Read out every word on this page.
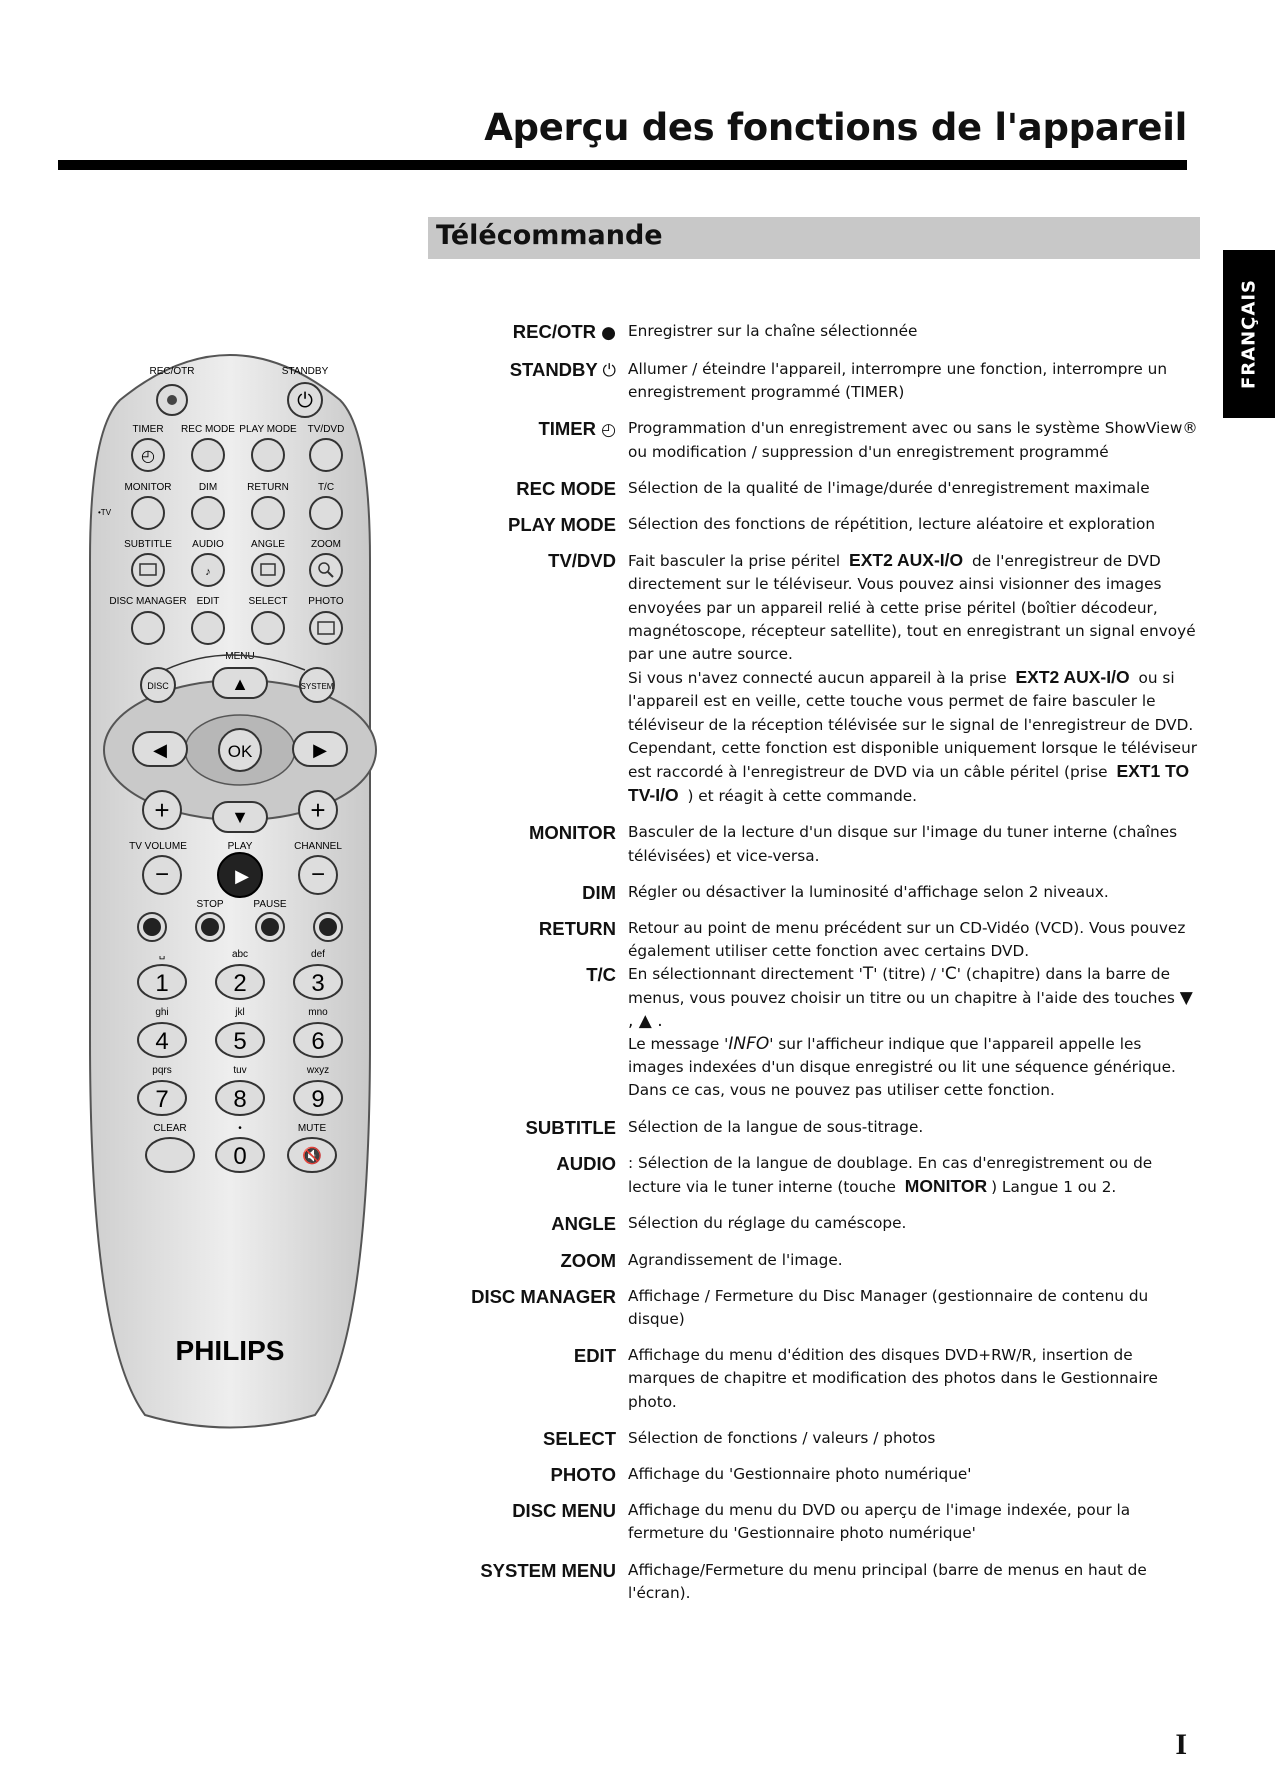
Aperçu des fonctions de l'appareil
Télécommande
FRANÇAIS
REC/OTR	STANDBY
⏻
TIMER REC MODE PLAY MODE TV/DVD
◴
•TV
MONITOR	DIM	RETURN	T/C
SUBTITLE AUDIO	ANGLE	ZOOM
♪
DISC MANAGER EDIT	SELECT PHOTO
MENU
DISC	SYSTEM
▲
◀	▶
OK
+	▼ +
TV VOLUME	PLAY	CHANNEL
−	▶	−
STOP	PAUSE
␣	abc	def
ghi	jkl	mno
pqrs	tuv	wxyz
1	2	3
4	5	6
7	8	9
CLEAR	•	MUTE
0	🔇
PHILIPS
REC/OTR ● Enregistrer sur la chaîne sélectionnée
STANDBY ⏻ Allumer / éteindre l'appareil, interrompre une fonction, interrompre un enregistrement programmé (TIMER)
TIMER ◴ Programmation d'un enregistrement avec ou sans le système ShowView® ou modification / suppression d'un enregistrement programmé
REC MODE Sélection de la qualité de l'image/durée d'enregistrement maximale
PLAY MODE Sélection des fonctions de répétition, lecture aléatoire et exploration
TV/DVD Fait basculer la prise péritel EXT2 AUX-I/O de l'enregistreur de DVD directement sur le téléviseur. Vous pouvez ainsi visionner des images envoyées par un appareil relié à cette prise péritel (boîtier décodeur, magnétoscope, récepteur satellite), tout en enregistrant un signal envoyé par une autre source.

Si vous n'avez connecté aucun appareil à la prise EXT2 AUX-I/O ou si l'appareil est en veille, cette touche vous permet de faire basculer le téléviseur de la réception télévisée sur le signal de l'enregistreur de DVD.

Cependant, cette fonction est disponible uniquement lorsque le téléviseur est raccordé à l'enregistreur de DVD via un câble péritel (prise EXT1 TO TV-I/O ) et réagit à cette commande.

MONITOR Basculer de la lecture d'un disque sur l'image du tuner interne (chaînes télévisées) et vice-versa.
DIM Régler ou désactiver la luminosité d'affichage selon 2 niveaux.
RETURN Retour au point de menu précédent sur un CD-Vidéo (VCD). Vous pouvez également utiliser cette fonction avec certains DVD.
T/C En sélectionnant directement 'T' (titre) / 'C' (chapitre) dans la barre de menus, vous pouvez choisir un titre ou un chapitre à l'aide des touches ▼ , ▲ .

Le message 'INFO' sur l'afficheur indique que l'appareil appelle les images indexées d'un disque enregistré ou lit une séquence générique. Dans ce cas, vous ne pouvez pas utiliser cette fonction.

SUBTITLE Sélection de la langue de sous-titrage.
AUDIO : Sélection de la langue de doublage. En cas d'enregistrement ou de lecture via le tuner interne (touche MONITOR ) Langue 1 ou 2.

ANGLE Sélection du réglage du caméscope.
ZOOM Agrandissement de l'image.
DISC MANAGER Affichage / Fermeture du Disc Manager (gestionnaire de contenu du disque)
EDIT Affichage du menu d'édition des disques DVD+RW/R, insertion de marques de chapitre et modification des photos dans le Gestionnaire photo.
SELECT Sélection de fonctions / valeurs / photos
PHOTO Affichage du 'Gestionnaire photo numérique'
DISC MENU Affichage du menu du DVD ou aperçu de l'image indexée, pour la fermeture du 'Gestionnaire photo numérique'
SYSTEM MENU Affichage/Fermeture du menu principal (barre de menus en haut de l'écran).
I
